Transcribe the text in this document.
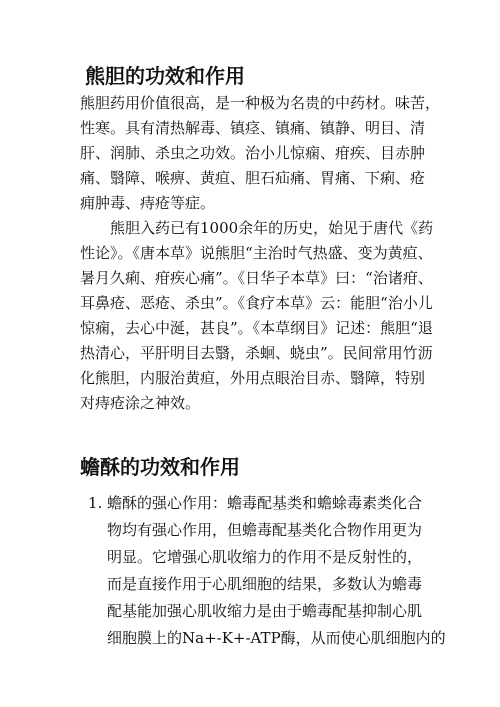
熊胆的功效和作用

熊胆药用价值很高，是一种极为名贵的中药材。味苦，

性寒。具有清热解毒、镇痉、镇痛、镇静、明目、清

肝、润肺、杀虫之功效。治小儿惊痫、疳疾、目赤肿

痛、翳障、喉痹、黄疸、胆石疝痛、胃痛、下痢、疮

痈肿毒、痔疮等症。

　　熊胆入药已有1000余年的历史，始见于唐代《药

性论》。《唐本草》说熊胆“主治时气热盛、变为黄疸、

暑月久痢、疳疾心痛”。《日华子本草》曰：“治诸疳、

耳鼻疮、恶疮、杀虫”。《食疗本草》云：能胆“治小儿

惊痫，去心中涎，甚良”。《本草纲目》记述：熊胆“退

热清心，平肝明目去翳，杀蛔、蛲虫”。民间常用竹沥

化熊胆，内服治黄疸，外用点眼治目赤、翳障，特别

对痔疮涂之神效。

蟾酥的功效和作用
1. 蟾酥的强心作用：蟾毒配基类和蟾蜍毒素类化合

物均有强心作用，但蟾毒配基类化合物作用更为

明显。它增强心肌收缩力的作用不是反射性的，

而是直接作用于心肌细胞的结果，多数认为蟾毒

配基能加强心肌收缩力是由于蟾毒配基抑制心肌

细胞膜上的Na+-K+-ATP酶，从而使心肌细胞内的
